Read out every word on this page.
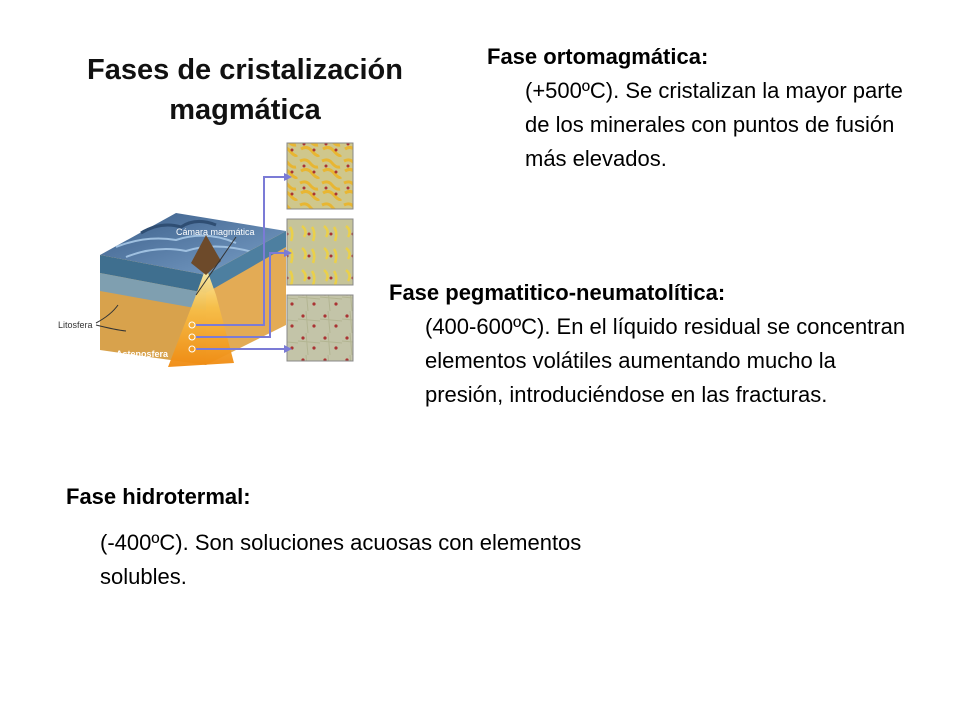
Fases de cristalización magmática
Fase ortomagmática:
(+500ºC). Se cristalizan la mayor parte de los minerales con puntos de fusión más elevados.
Fase pegmatitico-neumatolítica:
(400-600ºC). En el líquido residual se concentran elementos volátiles aumentando mucho la presión, introduciéndose en las fracturas.
Fase hidrotermal:
(-400ºC). Son soluciones acuosas con elementos solubles.
Cámara magmática
Litosfera
Astenosfera
